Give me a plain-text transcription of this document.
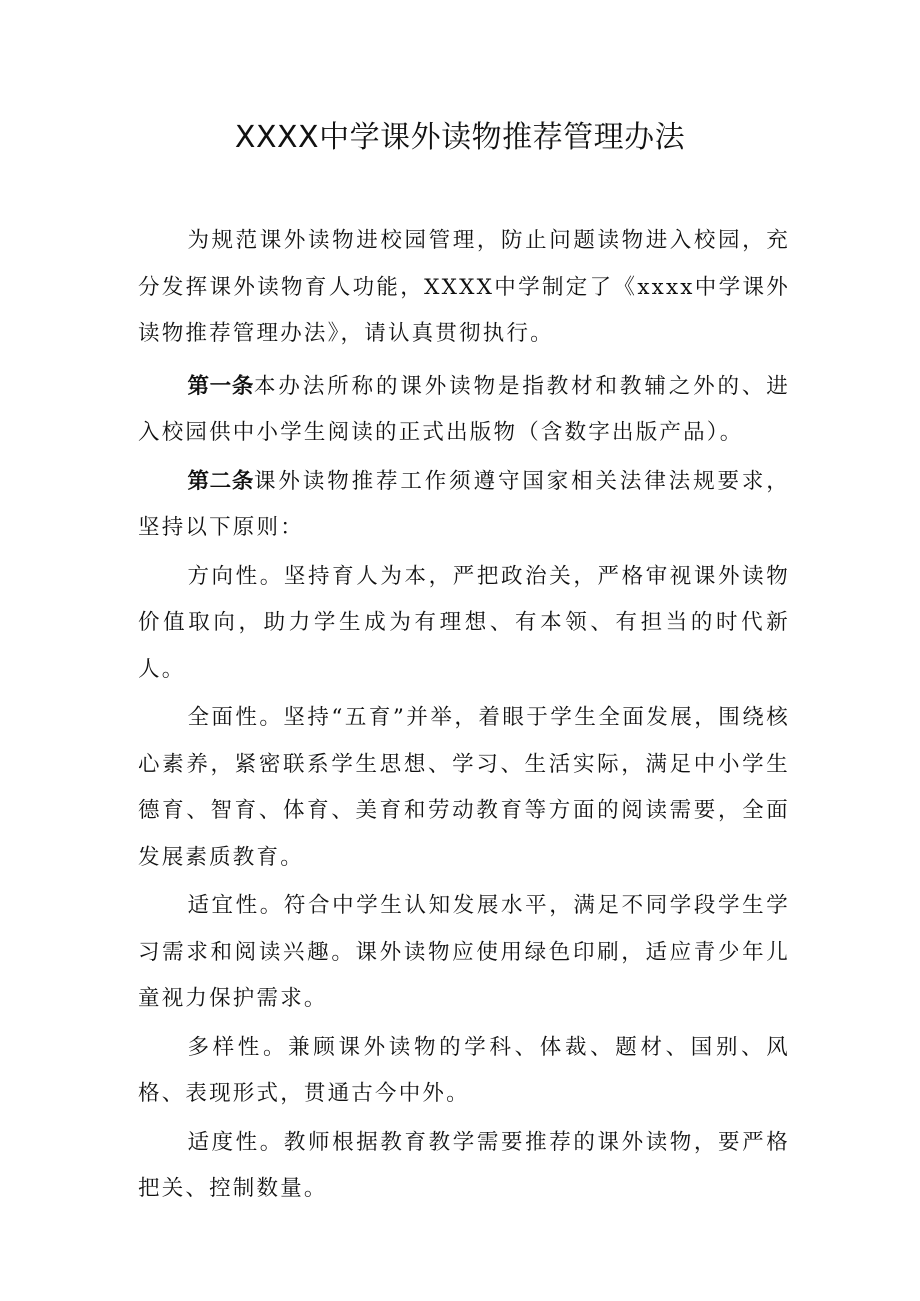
XXXX中学课外读物推荐管理办法

为规范课外读物进校园管理，防止问题读物进入校园，充分发挥课外读物育人功能，XXXX中学制定了《xxxx中学课外读物推荐管理办法》，请认真贯彻执行。

第一条本办法所称的课外读物是指教材和教辅之外的、进入校园供中小学生阅读的正式出版物（含数字出版产品）。

第二条课外读物推荐工作须遵守国家相关法律法规要求，坚持以下原则：

方向性。坚持育人为本，严把政治关，严格审视课外读物价值取向，助力学生成为有理想、有本领、有担当的时代新人。

全面性。坚持“五育”并举，着眼于学生全面发展，围绕核心素养，紧密联系学生思想、学习、生活实际，满足中小学生德育、智育、体育、美育和劳动教育等方面的阅读需要，全面发展素质教育。

适宜性。符合中学生认知发展水平，满足不同学段学生学习需求和阅读兴趣。课外读物应使用绿色印刷，适应青少年儿童视力保护需求。

多样性。兼顾课外读物的学科、体裁、题材、国别、风格、表现形式，贯通古今中外。

适度性。教师根据教育教学需要推荐的课外读物，要严格把关、控制数量。
